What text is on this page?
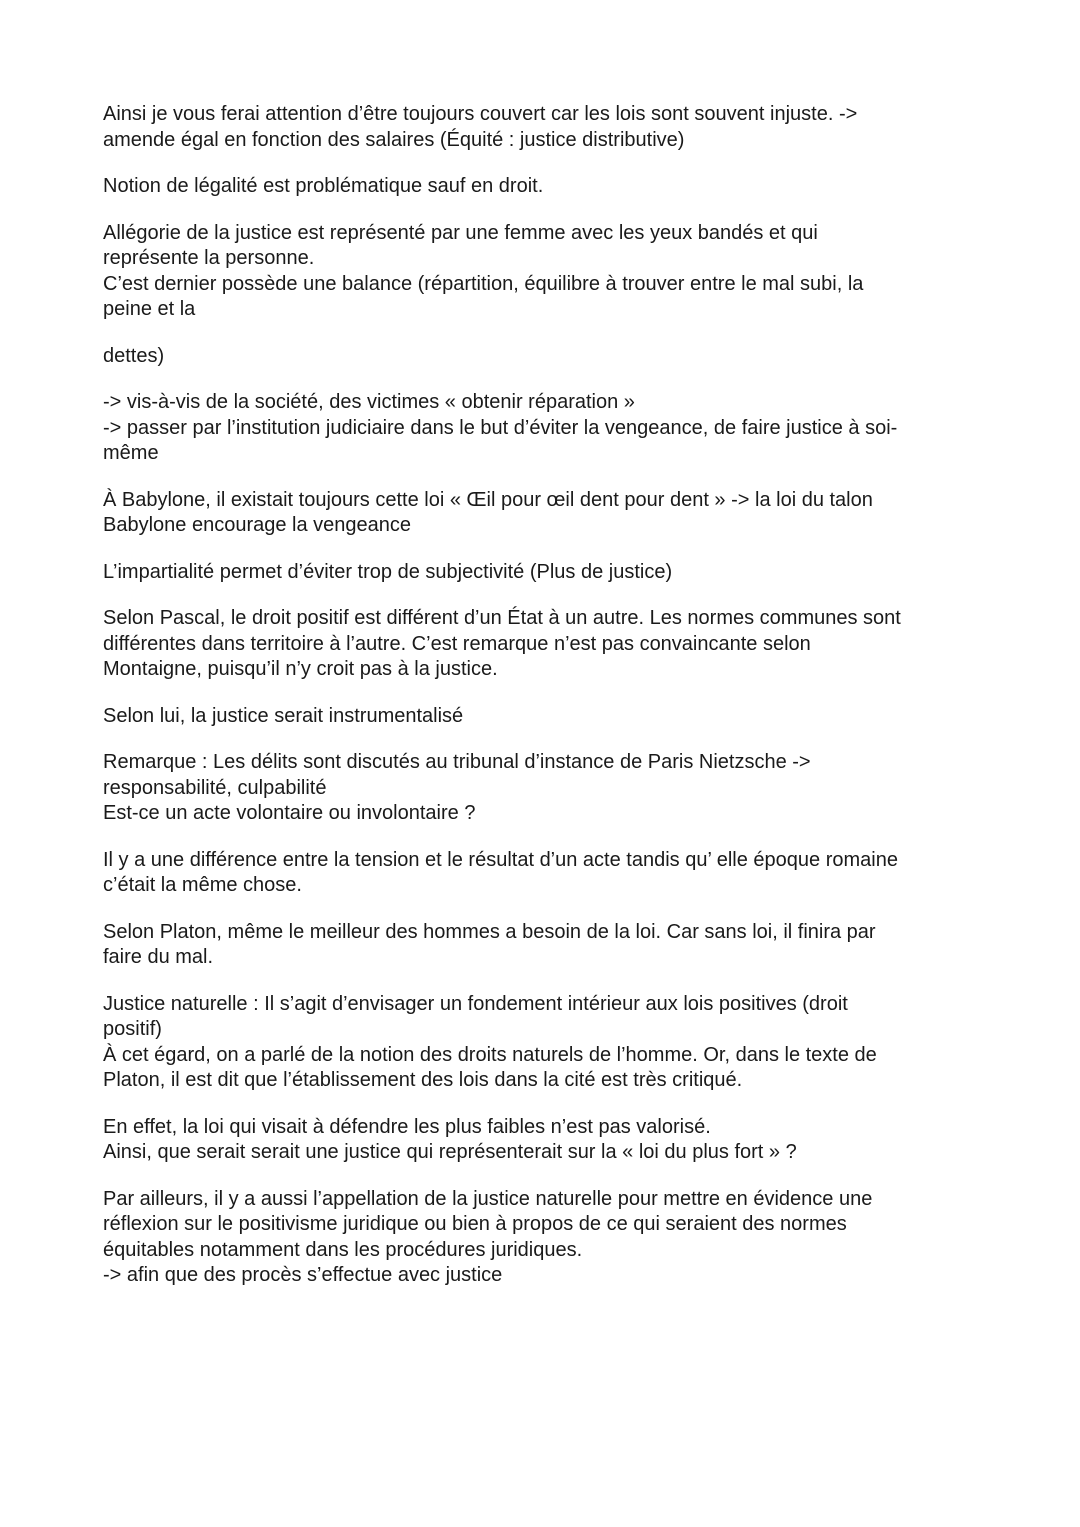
Ainsi je vous ferai attention d’être toujours couvert car les lois sont souvent injuste. ->
amende égal en fonction des salaires (Équité : justice distributive)

Notion de légalité est problématique sauf en droit.

Allégorie de la justice est représenté par une femme avec les yeux bandés et qui
représente la personne.
C’est dernier possède une balance (répartition, équilibre à trouver entre le mal subi, la
peine et la

dettes)

-> vis-à-vis de la société, des victimes « obtenir réparation »
-> passer par l’institution judiciaire dans le but d’éviter la vengeance, de faire justice à soi-
même

À Babylone, il existait toujours cette loi « Œil pour œil dent pour dent » -> la loi du talon
Babylone encourage la vengeance

L’impartialité permet d’éviter trop de subjectivité (Plus de justice)

Selon Pascal, le droit positif est différent d’un État à un autre. Les normes communes sont
différentes dans territoire à l’autre. C’est remarque n’est pas convaincante selon
Montaigne, puisqu’il n’y croit pas à la justice.

Selon lui, la justice serait instrumentalisé

Remarque : Les délits sont discutés au tribunal d’instance de Paris Nietzsche ->
responsabilité, culpabilité
Est-ce un acte volontaire ou involontaire ?

Il y a une différence entre la tension et le résultat d’un acte tandis qu’ elle époque romaine
c’était la même chose.

Selon Platon, même le meilleur des hommes a besoin de la loi. Car sans loi, il finira par
faire du mal.

Justice naturelle : Il s’agit d’envisager un fondement intérieur aux lois positives (droit
positif)
À cet égard, on a parlé de la notion des droits naturels de l’homme. Or, dans le texte de
Platon, il est dit que l’établissement des lois dans la cité est très critiqué.

En effet, la loi qui visait à défendre les plus faibles n’est pas valorisé.
Ainsi, que serait serait une justice qui représenterait sur la « loi du plus fort » ?

Par ailleurs, il y a aussi l’appellation de la justice naturelle pour mettre en évidence une
réflexion sur le positivisme juridique ou bien à propos de ce qui seraient des normes
équitables notamment dans les procédures juridiques.
-> afin que des procès s’effectue avec justice
